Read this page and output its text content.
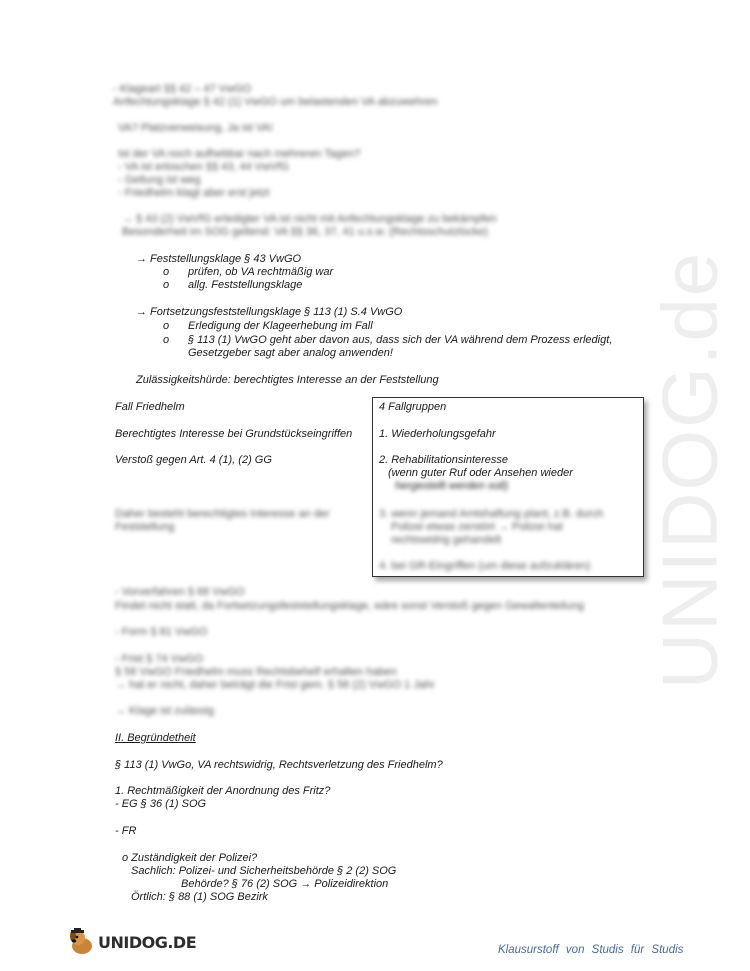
UNIDOG.de
- Klageart §§ 42 – 47 VwGO
Anfechtungsklage § 42 (1) VwGO um belastenden VA abzuwehren
VA? Platzverweisung, Ja ist VA!
Ist der VA noch aufhebbar nach mehreren Tagen?
- VA ist erloschen §§ 43, 44 VwVfG
- Geltung ist weg
- Friedhelm klagt aber erst jetzt
→ § 43 (2) VwVfG erledigter VA ist nicht mit Anfechtungsklage zu bekämpfen
Besonderheit im SOG geltend: VA §§ 36, 37, 41 u.s.w. (Rechtsschutzlücke)
→ Feststellungsklage § 43 VwGO
o prüfen, ob VA rechtmäßig war
o allg. Feststellungsklage ⃠
→ Fortsetzungsfeststellungsklage § 113 (1) S.4 VwGO
o Erledigung der Klageerhebung im Fall
o § 113 (1) VwGO geht aber davon aus, dass sich der VA während dem Prozess erledigt,
Gesetzgeber sagt aber analog anwenden!
Zulässigkeitshürde: berechtigtes Interesse an der Feststellung
Fall Friedhelm
Berechtigtes Interesse bei Grundstückseingriffen
Verstoß gegen Art. 4 (1), (2) GG
Daher besteht berechtigtes Interesse an der
Feststellung
4 Fallgruppen
1. Wiederholungsgefahr
2. Rehabilitationsinteresse
(wenn guter Ruf oder Ansehen wieder
hergestellt werden soll)
3. wenn jemand Amtshaftung plant, z.B. durch
Polizei etwas zerstört → Polizei hat
rechtswidrig gehandelt
4. bei GR-Eingriffen (um diese aufzuklären)
- Vorverfahren § 68 VwGO
Findet nicht statt, da Fortsetzungsfeststellungsklage, wäre sonst Verstoß gegen Gewaltenteilung
- Form § 81 VwGO
- Frist § 74 VwGO
§ 58 VwGO Friedhelm muss Rechtsbehelf erhalten haben
→ hat er nicht, daher beträgt die Frist gem. § 58 (2) VwGO 1 Jahr
→ Klage ist zulässig
II. Begründetheit
§ 113 (1) VwGo, VA rechtswidrig, Rechtsverletzung des Friedhelm?
1. Rechtmäßigkeit der Anordnung des Fritz?
- EG § 36 (1) SOG
- FR
o Zuständigkeit der Polizei?
Sachlich: Polizei- und Sicherheitsbehörde § 2 (2) SOG
Behörde? § 76 (2) SOG → Polizeidirektion
Örtlich: § 88 (1) SOG Bezirk
UNIDOG.DE	Klausurstoff von Studis für Studis
